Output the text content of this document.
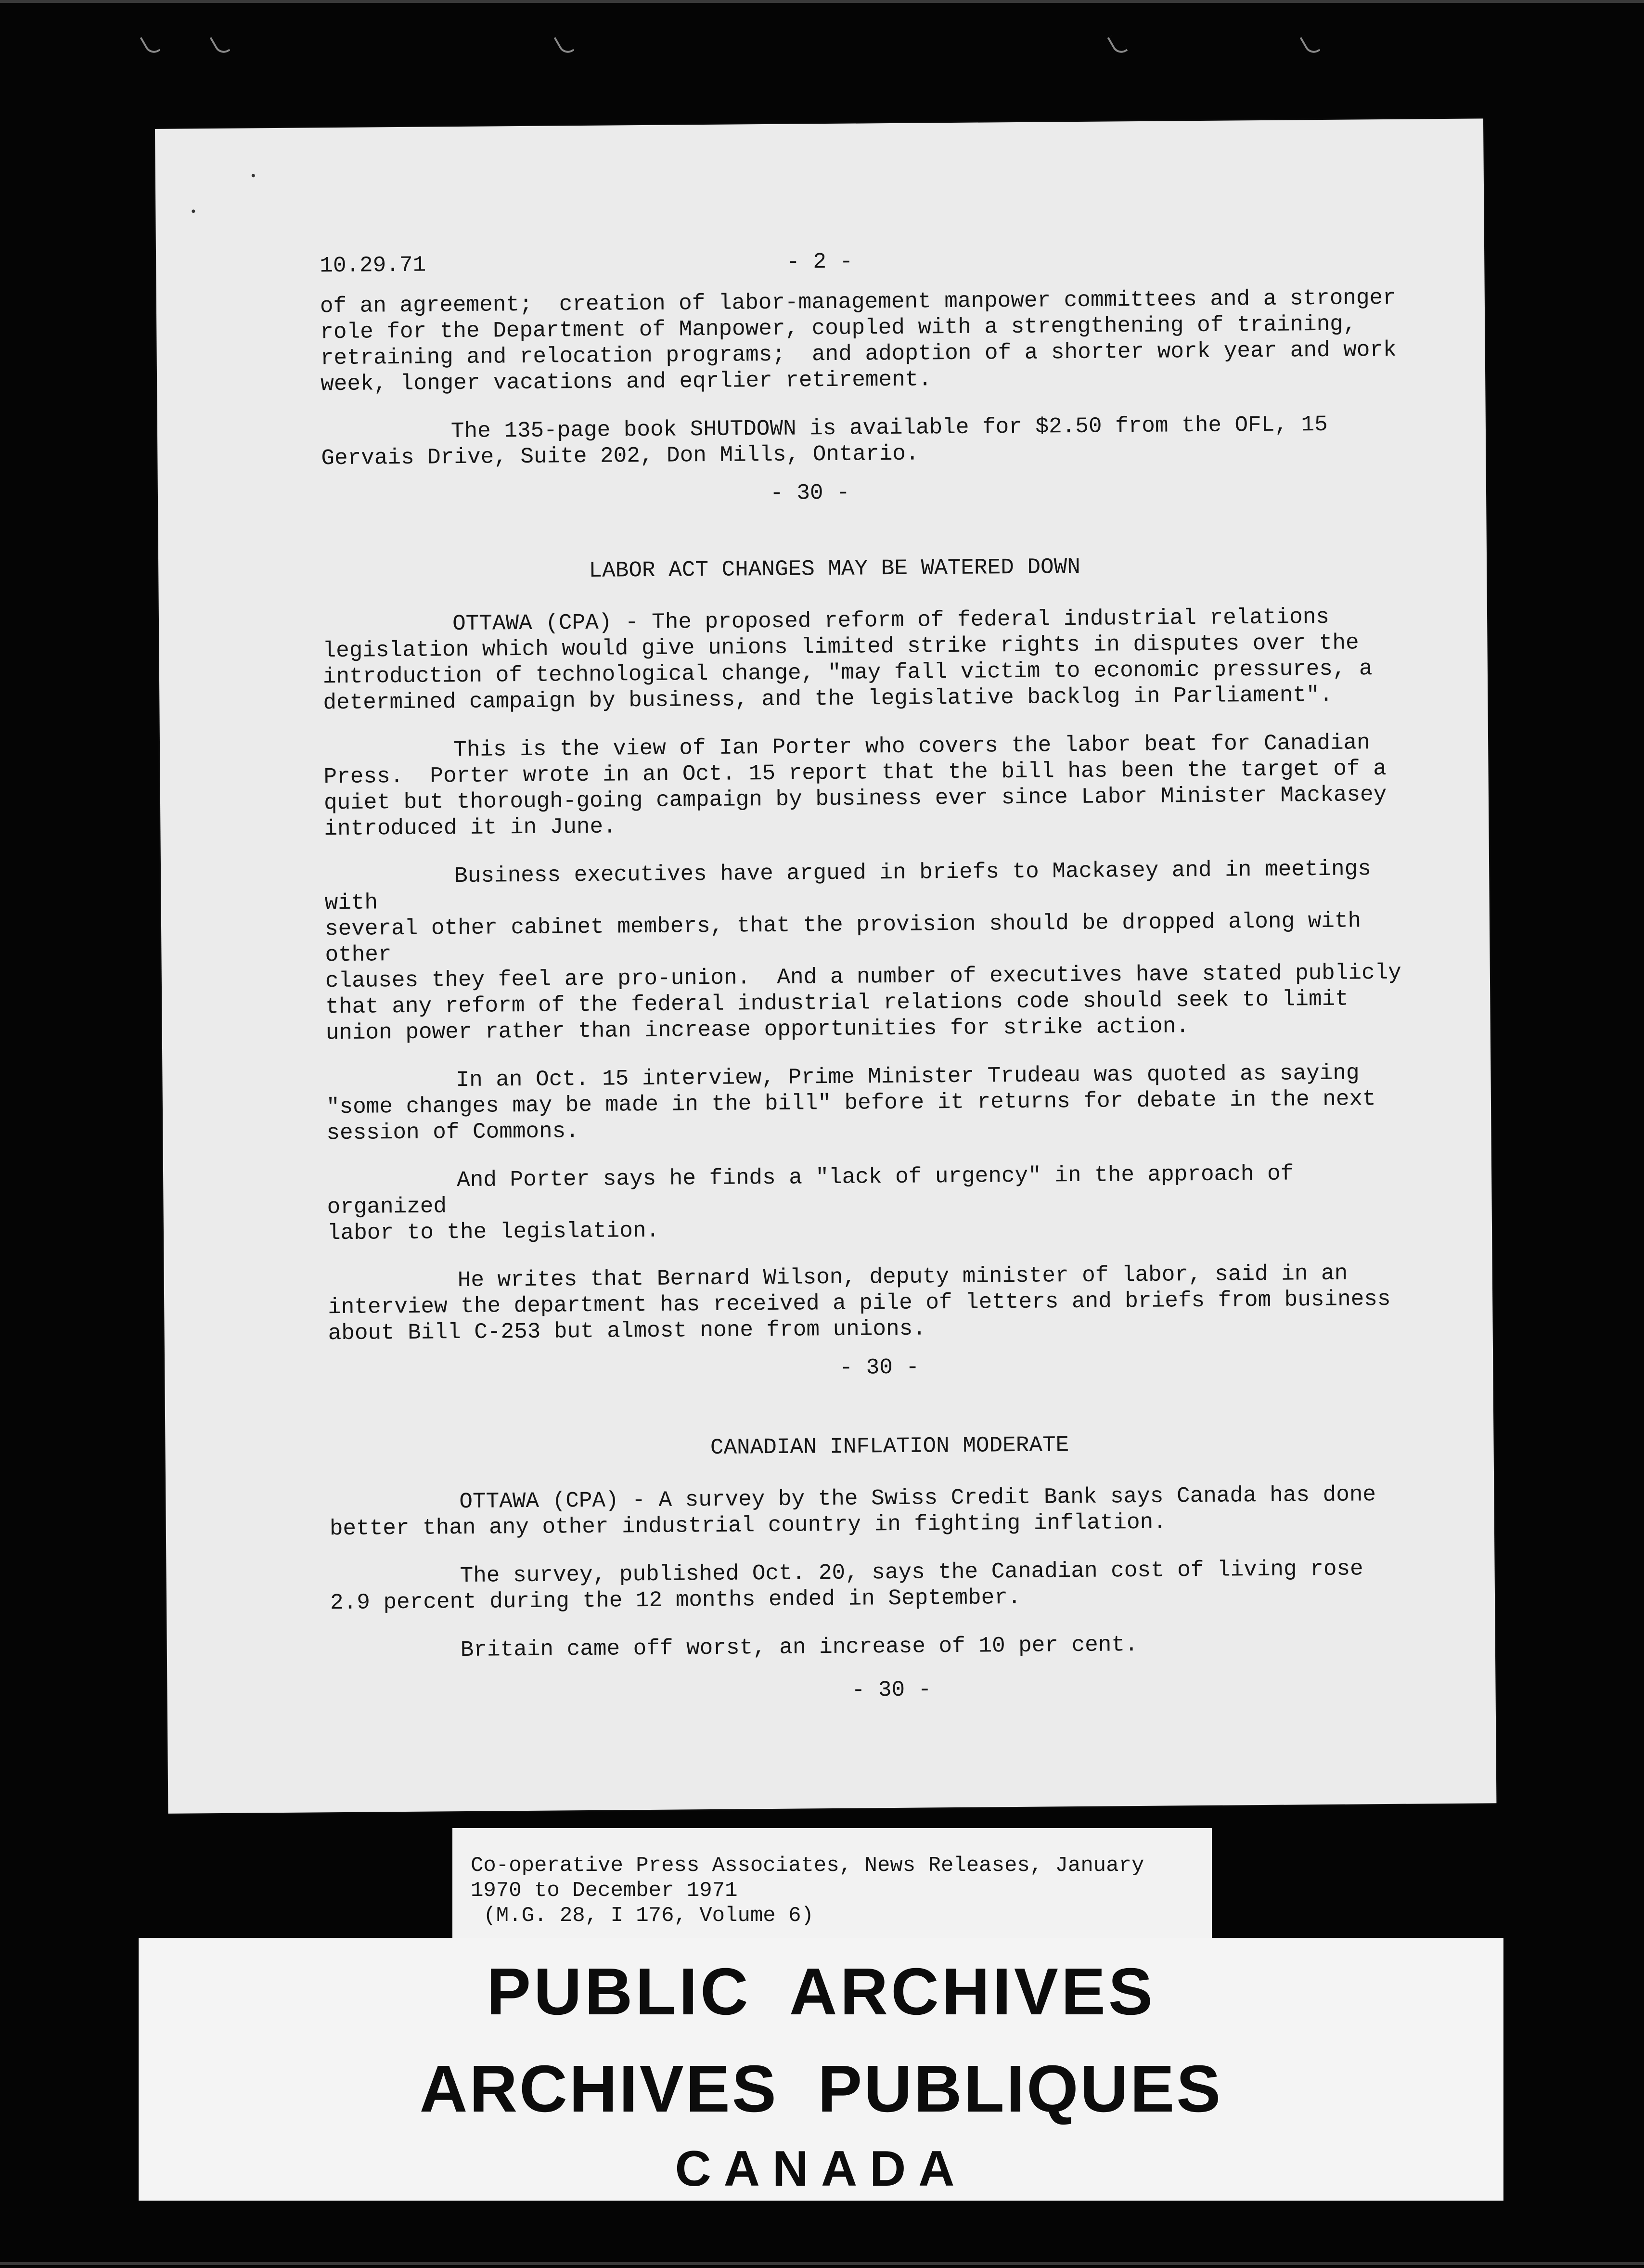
10.29.71	- 2 -

of an agreement;  creation of labor-management manpower committees and a stronger
role for the Department of Manpower, coupled with a strengthening of training,
retraining and relocation programs;  and adoption of a shorter work year and work
week, longer vacations and eqrlier retirement.

The 135-page book SHUTDOWN is available for $2.50 from the OFL, 15
Gervais Drive, Suite 202, Don Mills, Ontario.

- 30 -
LABOR ACT CHANGES MAY BE WATERED DOWN

OTTAWA (CPA) - The proposed reform of federal industrial relations
legislation which would give unions limited strike rights in disputes over the
introduction of technological change, "may fall victim to economic pressures, a
determined campaign by business, and the legislative backlog in Parliament".

This is the view of Ian Porter who covers the labor beat for Canadian
Press.  Porter wrote in an Oct. 15 report that the bill has been the target of a
quiet but thorough-going campaign by business ever since Labor Minister Mackasey
introduced it in June.

Business executives have argued in briefs to Mackasey and in meetings with
several other cabinet members, that the provision should be dropped along with other
clauses they feel are pro-union.  And a number of executives have stated publicly
that any reform of the federal industrial relations code should seek to limit
union power rather than increase opportunities for strike action.

In an Oct. 15 interview, Prime Minister Trudeau was quoted as saying
"some changes may be made in the bill" before it returns for debate in the next
session of Commons.

And Porter says he finds a "lack of urgency" in the approach of organized
labor to the legislation.

He writes that Bernard Wilson, deputy minister of labor, said in an
interview the department has received a pile of letters and briefs from business
about Bill C-253 but almost none from unions.

- 30 -
CANADIAN INFLATION MODERATE

OTTAWA (CPA) - A survey by the Swiss Credit Bank says Canada has done
better than any other industrial country in fighting inflation.

The survey, published Oct. 20, says the Canadian cost of living rose
2.9 percent during the 12 months ended in September.

Britain came off worst, an increase of 10 per cent.

- 30 -
Co-operative Press Associates, News Releases, January
1970 to December 1971
(M.G. 28, I 176, Volume 6)
PUBLIC ARCHIVES
ARCHIVES PUBLIQUES
CANADA
